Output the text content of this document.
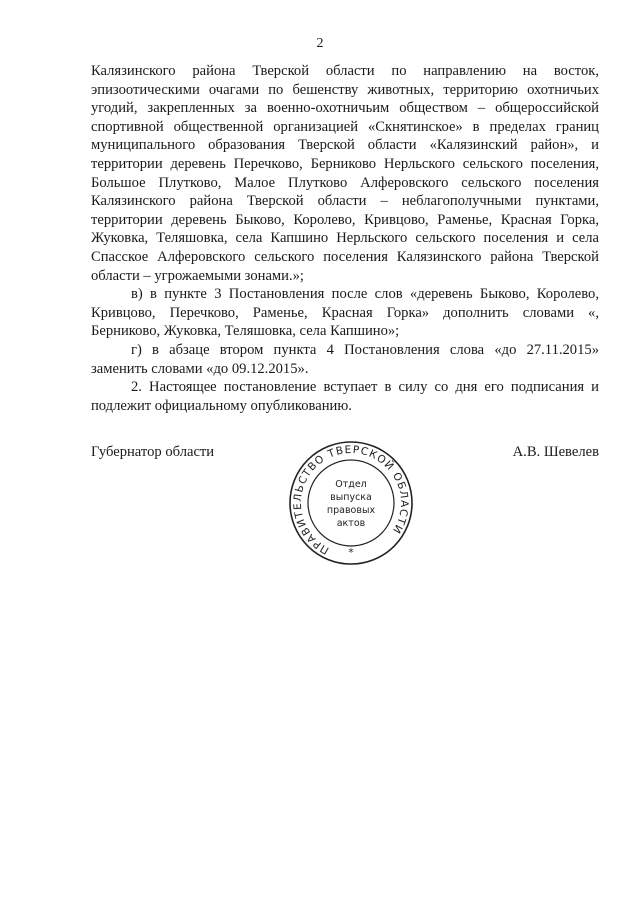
2

Калязинского района Тверской области по направлению на восток, эпизоотическими очагами по бешенству животных, территорию охотничьих угодий, закрепленных за военно-охотничьим обществом – общероссийской спортивной общественной организацией «Скнятинское» в пределах границ муниципального образования Тверской области «Калязинский район», и территории деревень Перечково, Берниково Нерльского сельского поселения, Большое Плутково, Малое Плутково Алферовского сельского поселения Калязинского района Тверской области – неблагополучными пунктами, территории деревень Быково, Королево, Кривцово, Раменье, Красная Горка, Жуковка, Теляшовка, села Капшино Нерльского сельского поселения и села Спасское Алферовского сельского поселения Калязинского района Тверской области – угрожаемыми зонами.»;

в) в пункте 3 Постановления после слов «деревень Быково, Королево, Кривцово, Перечково, Раменье, Красная Горка» дополнить словами «, Берниково, Жуковка, Теляшовка, села Капшино»;

г) в абзаце втором пункта 4 Постановления слова «до 27.11.2015» заменить словами «до 09.12.2015».

2. Настоящее постановление вступает в силу со дня его подписания и подлежит официальному опубликованию.

Губернатор области	А.В. Шевелев
ПРАВИТЕЛЬСТВО ТВЕРСКОЙ ОБЛАСТИ
*
Отдел
выпуска
правовых
актов
